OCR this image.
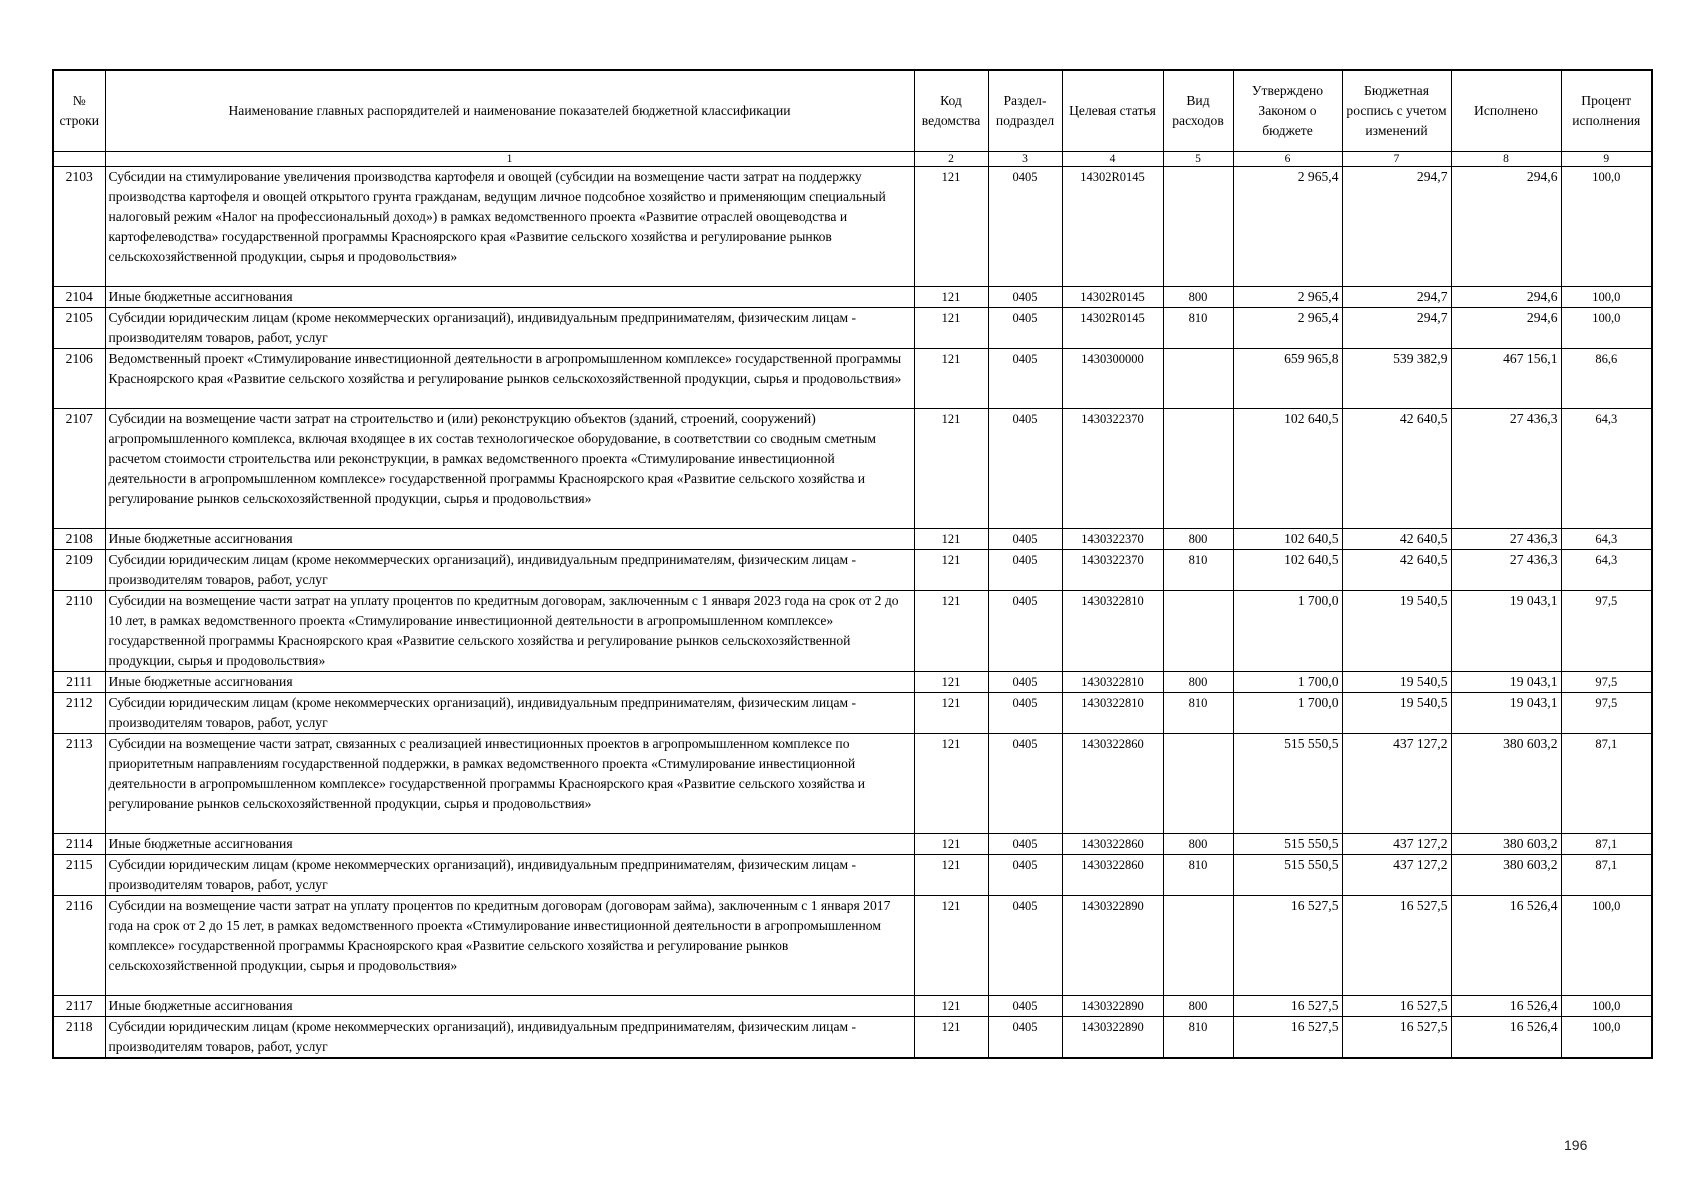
№ строки	Наименование главных распорядителей и наименование показателей бюджетной классификации	Код ведомства	Раздел-подраздел	Целевая статья	Вид расходов	Утверждено Законом о бюджете	Бюджетная роспись с учетом изменений	Исполнено	Процент исполнения
	1	2	3	4	5	6	7	8	9
2103	Субсидии на стимулирование увеличения производства картофеля и овощей (субсидии на возмещение части затрат на поддержку производства картофеля и овощей открытого грунта гражданам, ведущим личное подсобное хозяйство и применяющим специальный налоговый режим «Налог на профессиональный доход») в рамках ведомственного проекта «Развитие отраслей овощеводства и картофелеводства» государственной программы Красноярского края «Развитие сельского хозяйства и регулирование рынков сельскохозяйственной продукции, сырья и продовольствия»	121	0405	14302R0145		2 965,4	294,7	294,6	100,0
2104	Иные бюджетные ассигнования	121	0405	14302R0145	800	2 965,4	294,7	294,6	100,0
2105	Субсидии юридическим лицам (кроме некоммерческих организаций), индивидуальным предпринимателям, физическим лицам - производителям товаров, работ, услуг	121	0405	14302R0145	810	2 965,4	294,7	294,6	100,0
2106	Ведомственный проект «Стимулирование инвестиционной деятельности в агропромышленном комплексе» государственной программы Красноярского края «Развитие сельского хозяйства и регулирование рынков сельскохозяйственной продукции, сырья и продовольствия»	121	0405	1430300000		659 965,8	539 382,9	467 156,1	86,6
2107	Субсидии на возмещение части затрат на строительство и (или) реконструкцию объектов (зданий, строений, сооружений) агропромышленного комплекса, включая входящее в их состав технологическое оборудование, в соответствии со сводным сметным расчетом стоимости строительства или реконструкции, в рамках ведомственного проекта «Стимулирование инвестиционной деятельности в агропромышленном комплексе» государственной программы Красноярского края «Развитие сельского хозяйства и регулирование рынков сельскохозяйственной продукции, сырья и продовольствия»	121	0405	1430322370		102 640,5	42 640,5	27 436,3	64,3
2108	Иные бюджетные ассигнования	121	0405	1430322370	800	102 640,5	42 640,5	27 436,3	64,3
2109	Субсидии юридическим лицам (кроме некоммерческих организаций), индивидуальным предпринимателям, физическим лицам - производителям товаров, работ, услуг	121	0405	1430322370	810	102 640,5	42 640,5	27 436,3	64,3
2110	Субсидии на возмещение части затрат на уплату процентов по кредитным договорам, заключенным с 1 января 2023 года на срок от 2 до 10 лет, в рамках ведомственного проекта «Стимулирование инвестиционной деятельности в агропромышленном комплексе» государственной программы Красноярского края «Развитие сельского хозяйства и регулирование рынков сельскохозяйственной продукции, сырья и продовольствия»	121	0405	1430322810		1 700,0	19 540,5	19 043,1	97,5
2111	Иные бюджетные ассигнования	121	0405	1430322810	800	1 700,0	19 540,5	19 043,1	97,5
2112	Субсидии юридическим лицам (кроме некоммерческих организаций), индивидуальным предпринимателям, физическим лицам - производителям товаров, работ, услуг	121	0405	1430322810	810	1 700,0	19 540,5	19 043,1	97,5
2113	Субсидии на возмещение части затрат, связанных с реализацией инвестиционных проектов в агропромышленном комплексе по приоритетным направлениям государственной поддержки, в рамках ведомственного проекта «Стимулирование инвестиционной деятельности в агропромышленном комплексе» государственной программы Красноярского края «Развитие сельского хозяйства и регулирование рынков сельскохозяйственной продукции, сырья и продовольствия»	121	0405	1430322860		515 550,5	437 127,2	380 603,2	87,1
2114	Иные бюджетные ассигнования	121	0405	1430322860	800	515 550,5	437 127,2	380 603,2	87,1
2115	Субсидии юридическим лицам (кроме некоммерческих организаций), индивидуальным предпринимателям, физическим лицам - производителям товаров, работ, услуг	121	0405	1430322860	810	515 550,5	437 127,2	380 603,2	87,1
2116	Субсидии на возмещение части затрат на уплату процентов по кредитным договорам (договорам займа), заключенным с 1 января 2017 года на срок от 2 до 15 лет, в рамках ведомственного проекта «Стимулирование инвестиционной деятельности в агропромышленном комплексе» государственной программы Красноярского края «Развитие сельского хозяйства и регулирование рынков сельскохозяйственной продукции, сырья и продовольствия»	121	0405	1430322890		16 527,5	16 527,5	16 526,4	100,0
2117	Иные бюджетные ассигнования	121	0405	1430322890	800	16 527,5	16 527,5	16 526,4	100,0
2118	Субсидии юридическим лицам (кроме некоммерческих организаций), индивидуальным предпринимателям, физическим лицам - производителям товаров, работ, услуг	121	0405	1430322890	810	16 527,5	16 527,5	16 526,4	100,0
196
